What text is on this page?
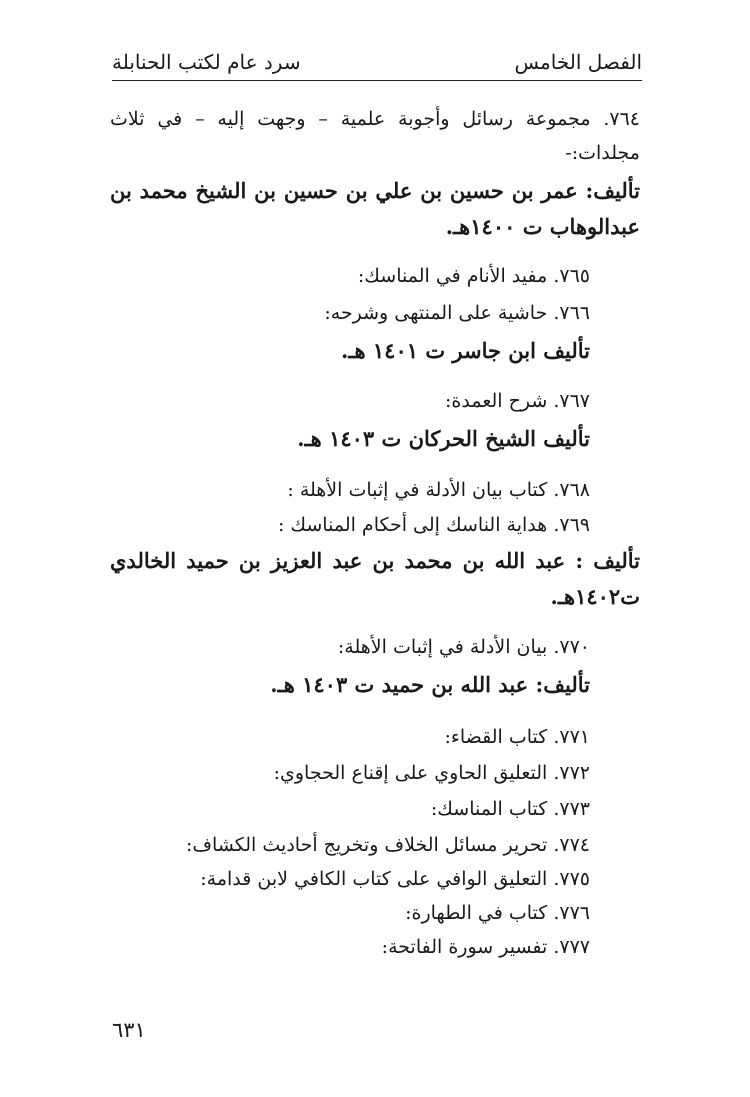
الفصل الخامس
سرد عام لكتب الحنابلة
٧٦٤. مجموعة رسائل وأجوبة علمية – وجهت إليه – في ثلاث
مجلدات:-
تأليف: عمر بن حسين بن علي بن حسين بن الشيخ محمد بن
عبدالوهاب ت ١٤٠٠هـ.
٧٦٥. مفيد الأنام في المناسك:
٧٦٦. حاشية على المنتهى وشرحه:
تأليف ابن جاسر ت ١٤٠١ هـ.
٧٦٧. شرح العمدة:
تأليف الشيخ الحركان ت ١٤٠٣ هـ.
٧٦٨. كتاب بيان الأدلة في إثبات الأهلة :
٧٦٩. هداية الناسك إلى أحكام المناسك :
تأليف : عبد الله بن محمد بن عبد العزيز بن حميد الخالدي
ت١٤٠٢هـ.
٧٧٠. بيان الأدلة في إثبات الأهلة:
تأليف: عبد الله بن حميد ت ١٤٠٣ هـ.
٧٧١. كتاب القضاء:
٧٧٢. التعليق الحاوي على إقناع الحجاوي:
٧٧٣. كتاب المناسك:
٧٧٤. تحرير مسائل الخلاف وتخريج أحاديث الكشاف:
٧٧٥. التعليق الوافي على كتاب الكافي لابن قدامة:
٧٧٦. كتاب في الطهارة:
٧٧٧. تفسير سورة الفاتحة:
٦٣١
